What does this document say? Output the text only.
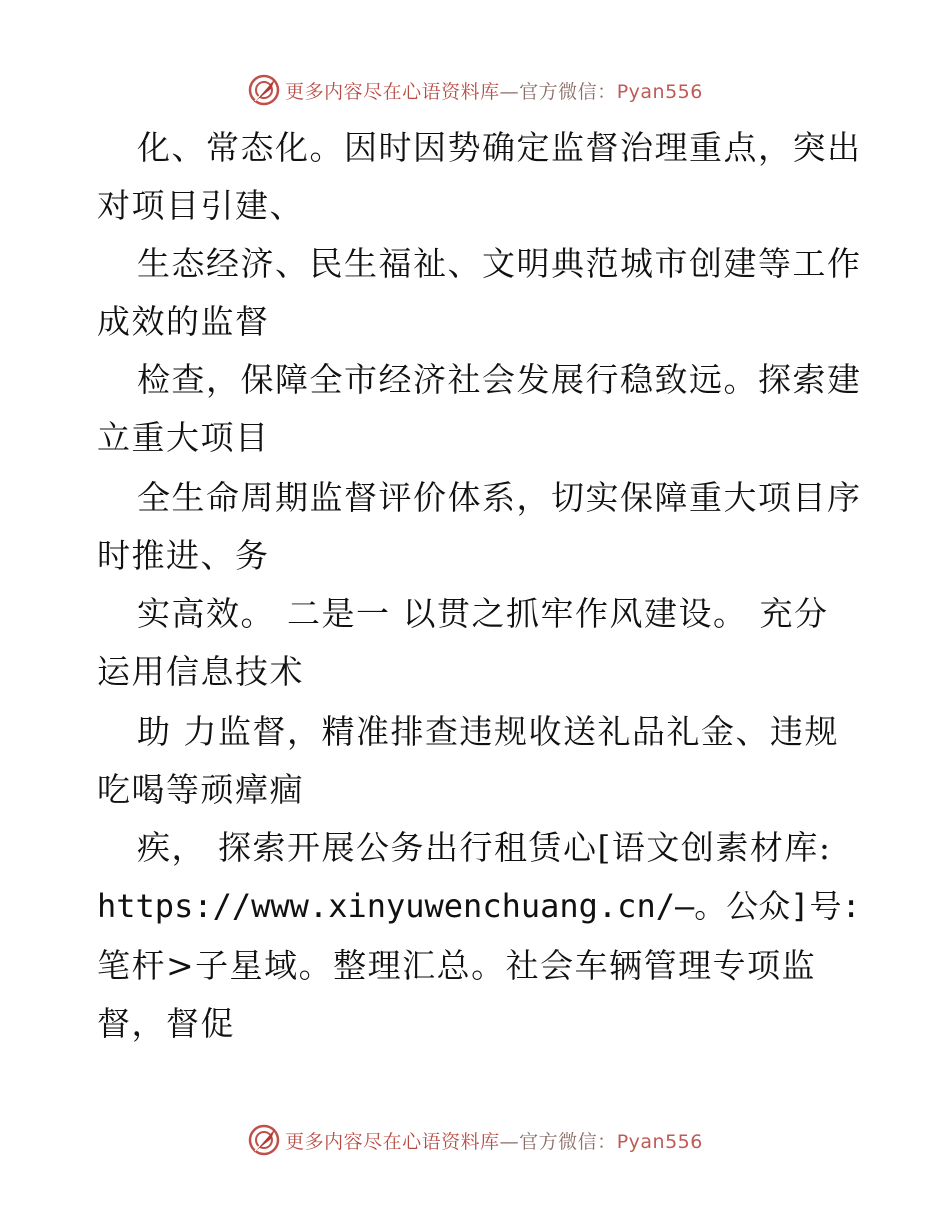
更多内容尽在心语资料库—官方微信：Pyan556
化、常态化。因时因势确定监督治理重点，突出
对项目引建、
生态经济、民生福祉、文明典范城市创建等工作
成效的监督
检查，保障全市经济社会发展行稳致远。探索建
立重大项目
全生命周期监督评价体系，切实保障重大项目序
时推进、务
实高效。 二是一 以贯之抓牢作风建设。 充分
运用信息技术
助 力监督，精准排查违规收送礼品礼金、违规
吃喝等顽瘴痼
疾， 探索开展公务出行租赁心[语文创素材库:
https://www.xinyuwenchuang.cn/—。公众]号:
笔杆>子星域。整理汇总。社会车辆管理专项监
督，督促
更多内容尽在心语资料库—官方微信：Pyan556
